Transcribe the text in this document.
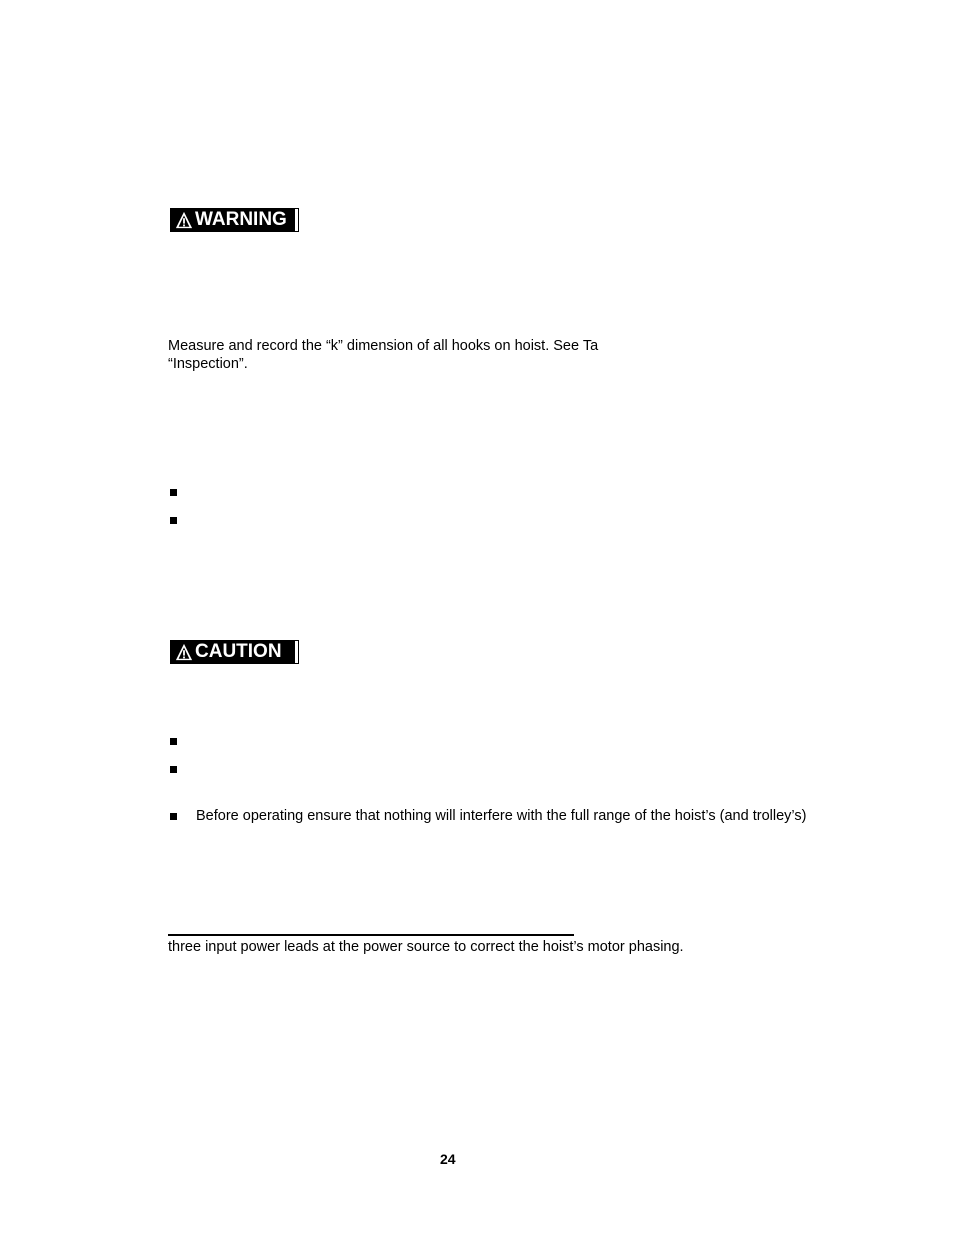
WARNING
Measure and record the “k” dimension of all hooks on hoist. See Ta
“Inspection”.
CAUTION
Before operating ensure that nothing will interfere with the full range of the hoist’s (and trolley’s)
three input power leads at the power source to correct the hoist’s motor phasing.
24
